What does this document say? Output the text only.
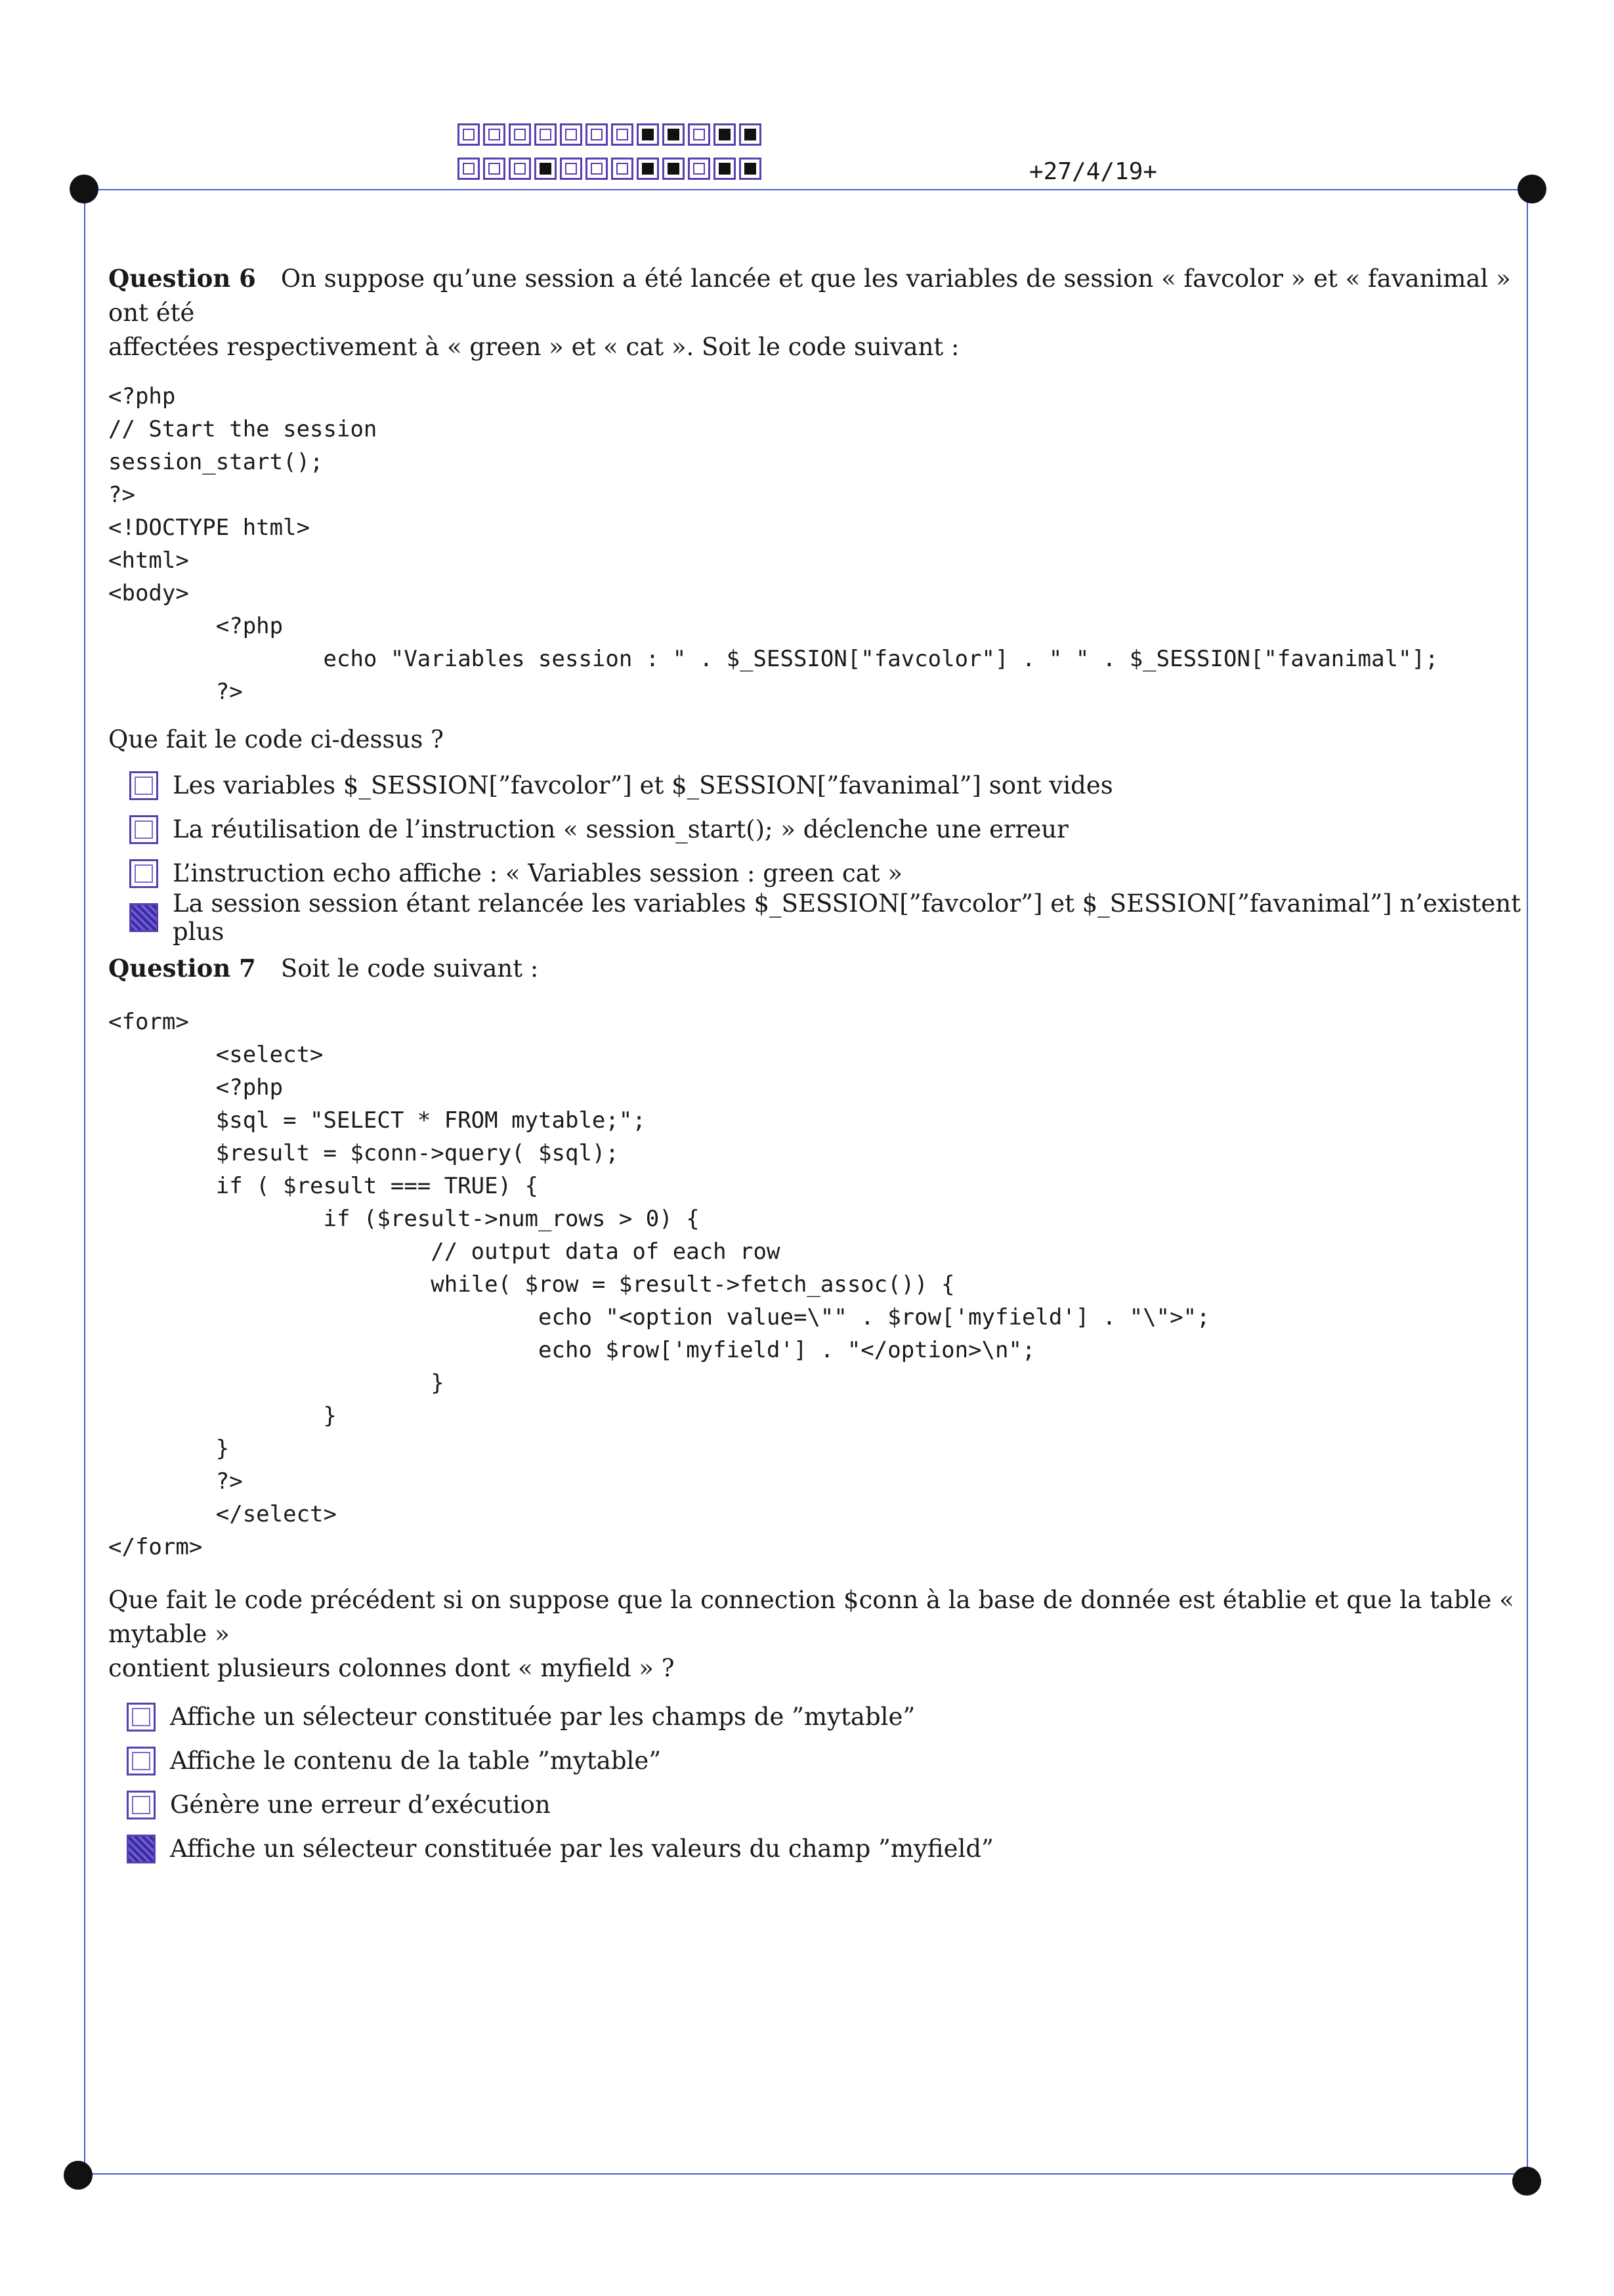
+27/4/19+
Question 6 On suppose qu’une session a été lancée et que les variables de session « favcolor » et « favanimal » ont été
affectées respectivement à « green » et « cat ». Soit le code suivant :
<?php
// Start the session
session_start();
?>
<!DOCTYPE html>
<html>
<body>
<?php
echo "Variables session : " . $_SESSION["favcolor"] . " " . $_SESSION["favanimal"];
?>
Que fait le code ci-dessus ?
Les variables $_SESSION[”favcolor”] et $_SESSION[”favanimal”] sont vides
La réutilisation de l’instruction « session_start(); » déclenche une erreur
L’instruction echo affiche : « Variables session : green cat »
La session session étant relancée les variables $_SESSION[”favcolor”] et $_SESSION[”favanimal”] n’existent plus
Question 7 Soit le code suivant :
<form>
<select>
<?php
$sql = "SELECT * FROM mytable;";
$result = $conn->query( $sql);
if ( $result === TRUE) {
if ($result->num_rows > 0) {
// output data of each row
while( $row = $result->fetch_assoc()) {
echo "<option value=\"" . $row['myfield'] . "\">";
echo $row['myfield'] . "</option>\n";
}
}
}
?>
</select>
</form>
Que fait le code précédent si on suppose que la connection $conn à la base de donnée est établie et que la table « mytable »
contient plusieurs colonnes dont « myfield » ?
Affiche un sélecteur constituée par les champs de ”mytable”
Affiche le contenu de la table ”mytable”
Génère une erreur d’exécution
Affiche un sélecteur constituée par les valeurs du champ ”myfield”
